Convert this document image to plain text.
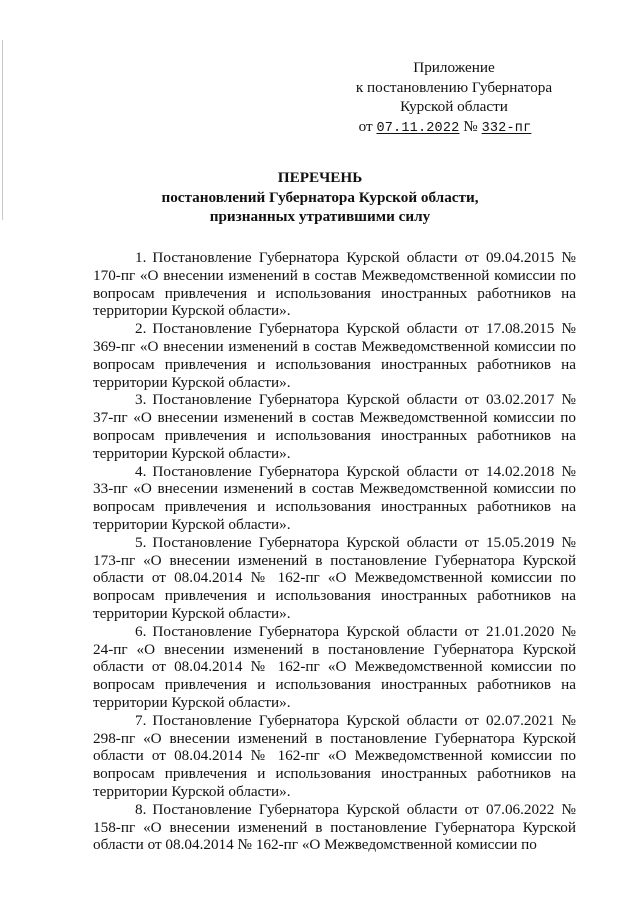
Приложение
к постановлению Губернатора
Курской области
от 07.11.2022 № 332-пг
ПЕРЕЧЕНЬ
постановлений Губернатора Курской области,
признанных утратившими силу

1. Постановление Губернатора Курской области от 09.04.2015 № 170-пг «О внесении изменений в состав Межведомственной комиссии по вопросам привлечения и использования иностранных работников на территории Курской области».

2. Постановление Губернатора Курской области от 17.08.2015 № 369-пг «О внесении изменений в состав Межведомственной комиссии по вопросам привлечения и использования иностранных работников на территории Курской области».

3. Постановление Губернатора Курской области от 03.02.2017 № 37-пг «О внесении изменений в состав Межведомственной комиссии по вопросам привлечения и использования иностранных работников на территории Курской области».

4. Постановление Губернатора Курской области от 14.02.2018 № 33-пг «О внесении изменений в состав Межведомственной комиссии по вопросам привлечения и использования иностранных работников на территории Курской области».

5. Постановление Губернатора Курской области от 15.05.2019 № 173-пг «О внесении изменений в постановление Губернатора Курской области от 08.04.2014 № 162-пг «О Межведомственной комиссии по вопросам привлечения и использования иностранных работников на территории Курской области».

6. Постановление Губернатора Курской области от 21.01.2020 № 24-пг «О внесении изменений в постановление Губернатора Курской области от 08.04.2014 № 162-пг «О Межведомственной комиссии по вопросам привлечения и использования иностранных работников на территории Курской области».

7. Постановление Губернатора Курской области от 02.07.2021 № 298-пг «О внесении изменений в постановление Губернатора Курской области от 08.04.2014 № 162-пг «О Межведомственной комиссии по вопросам привлечения и использования иностранных работников на территории Курской области».

8. Постановление Губернатора Курской области от 07.06.2022 № 158-пг «О внесении изменений в постановление Губернатора Курской области от 08.04.2014 № 162-пг «О Межведомственной комиссии по
